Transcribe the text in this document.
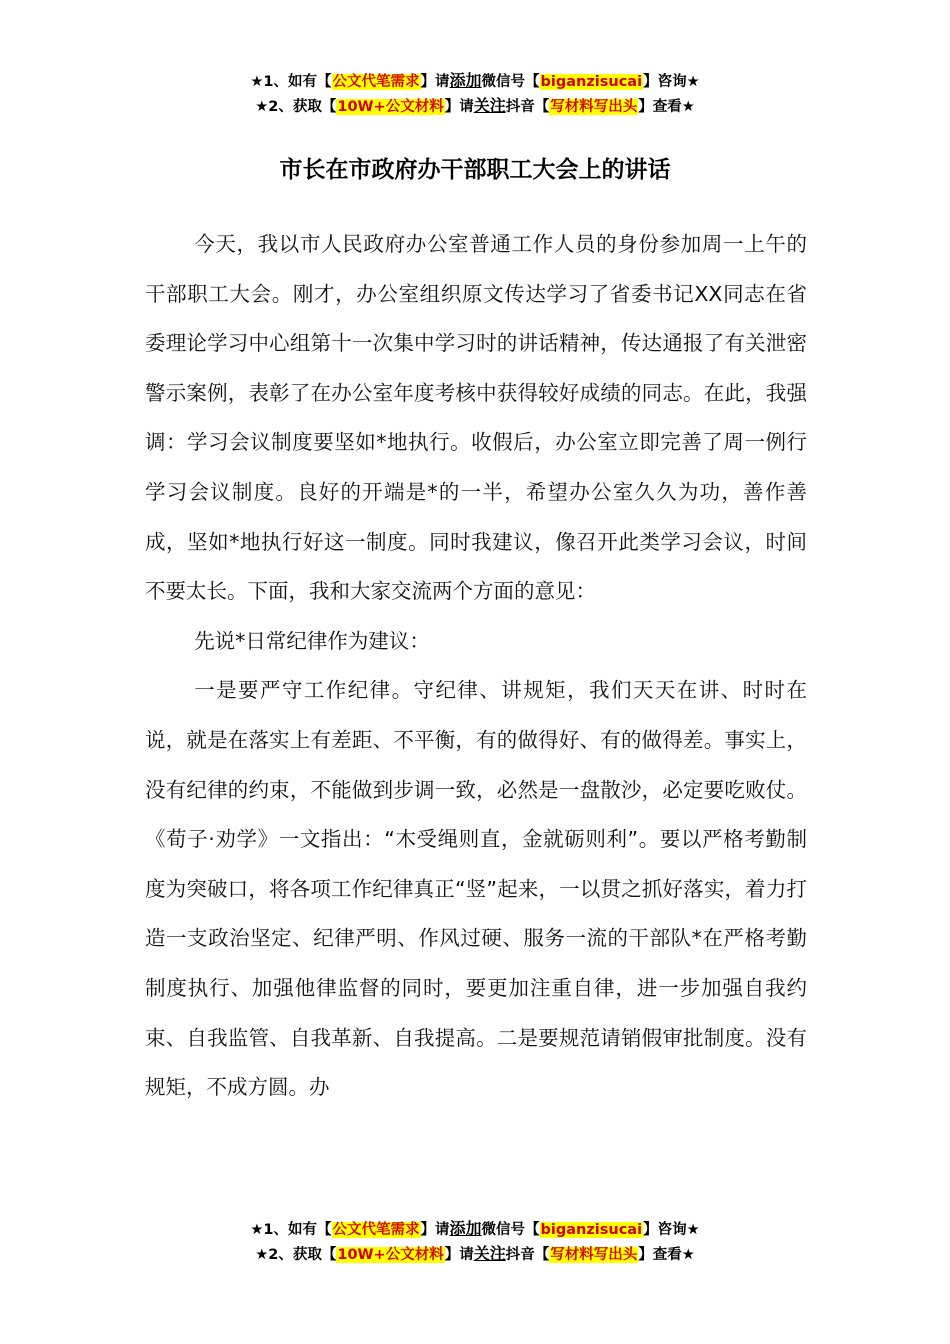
★1、如有【公文代笔需求】请添加微信号【biganzisucai】咨询★
★2、获取【10W+公文材料】请关注抖音【写材料写出头】查看★
市长在市政府办干部职工大会上的讲话

今天，我以市人民政府办公室普通工作人员的身份参加周一上午的干部职工大会。刚才，办公室组织原文传达学习了省委书记XX同志在省委理论学习中心组第十一次集中学习时的讲话精神，传达通报了有关泄密警示案例，表彰了在办公室年度考核中获得较好成绩的同志。在此，我强调：学习会议制度要坚如*地执行。收假后，办公室立即完善了周一例行学习会议制度。良好的开端是*的一半，希望办公室久久为功，善作善成，坚如*地执行好这一制度。同时我建议，像召开此类学习会议，时间不要太长。下面，我和大家交流两个方面的意见：

先说*日常纪律作为建议：

一是要严守工作纪律。守纪律、讲规矩，我们天天在讲、时时在说，就是在落实上有差距、不平衡，有的做得好、有的做得差。事实上，没有纪律的约束，不能做到步调一致，必然是一盘散沙，必定要吃败仗。《荀子·劝学》一文指出：“木受绳则直，金就砺则利”。要以严格考勤制度为突破口，将各项工作纪律真正“竖”起来，一以贯之抓好落实，着力打造一支政治坚定、纪律严明、作风过硬、服务一流的干部队*在严格考勤制度执行、加强他律监督的同时，要更加注重自律，进一步加强自我约束、自我监管、自我革新、自我提高。二是要规范请销假审批制度。没有规矩，不成方圆。办

★1、如有【公文代笔需求】请添加微信号【biganzisucai】咨询★
★2、获取【10W+公文材料】请关注抖音【写材料写出头】查看★
